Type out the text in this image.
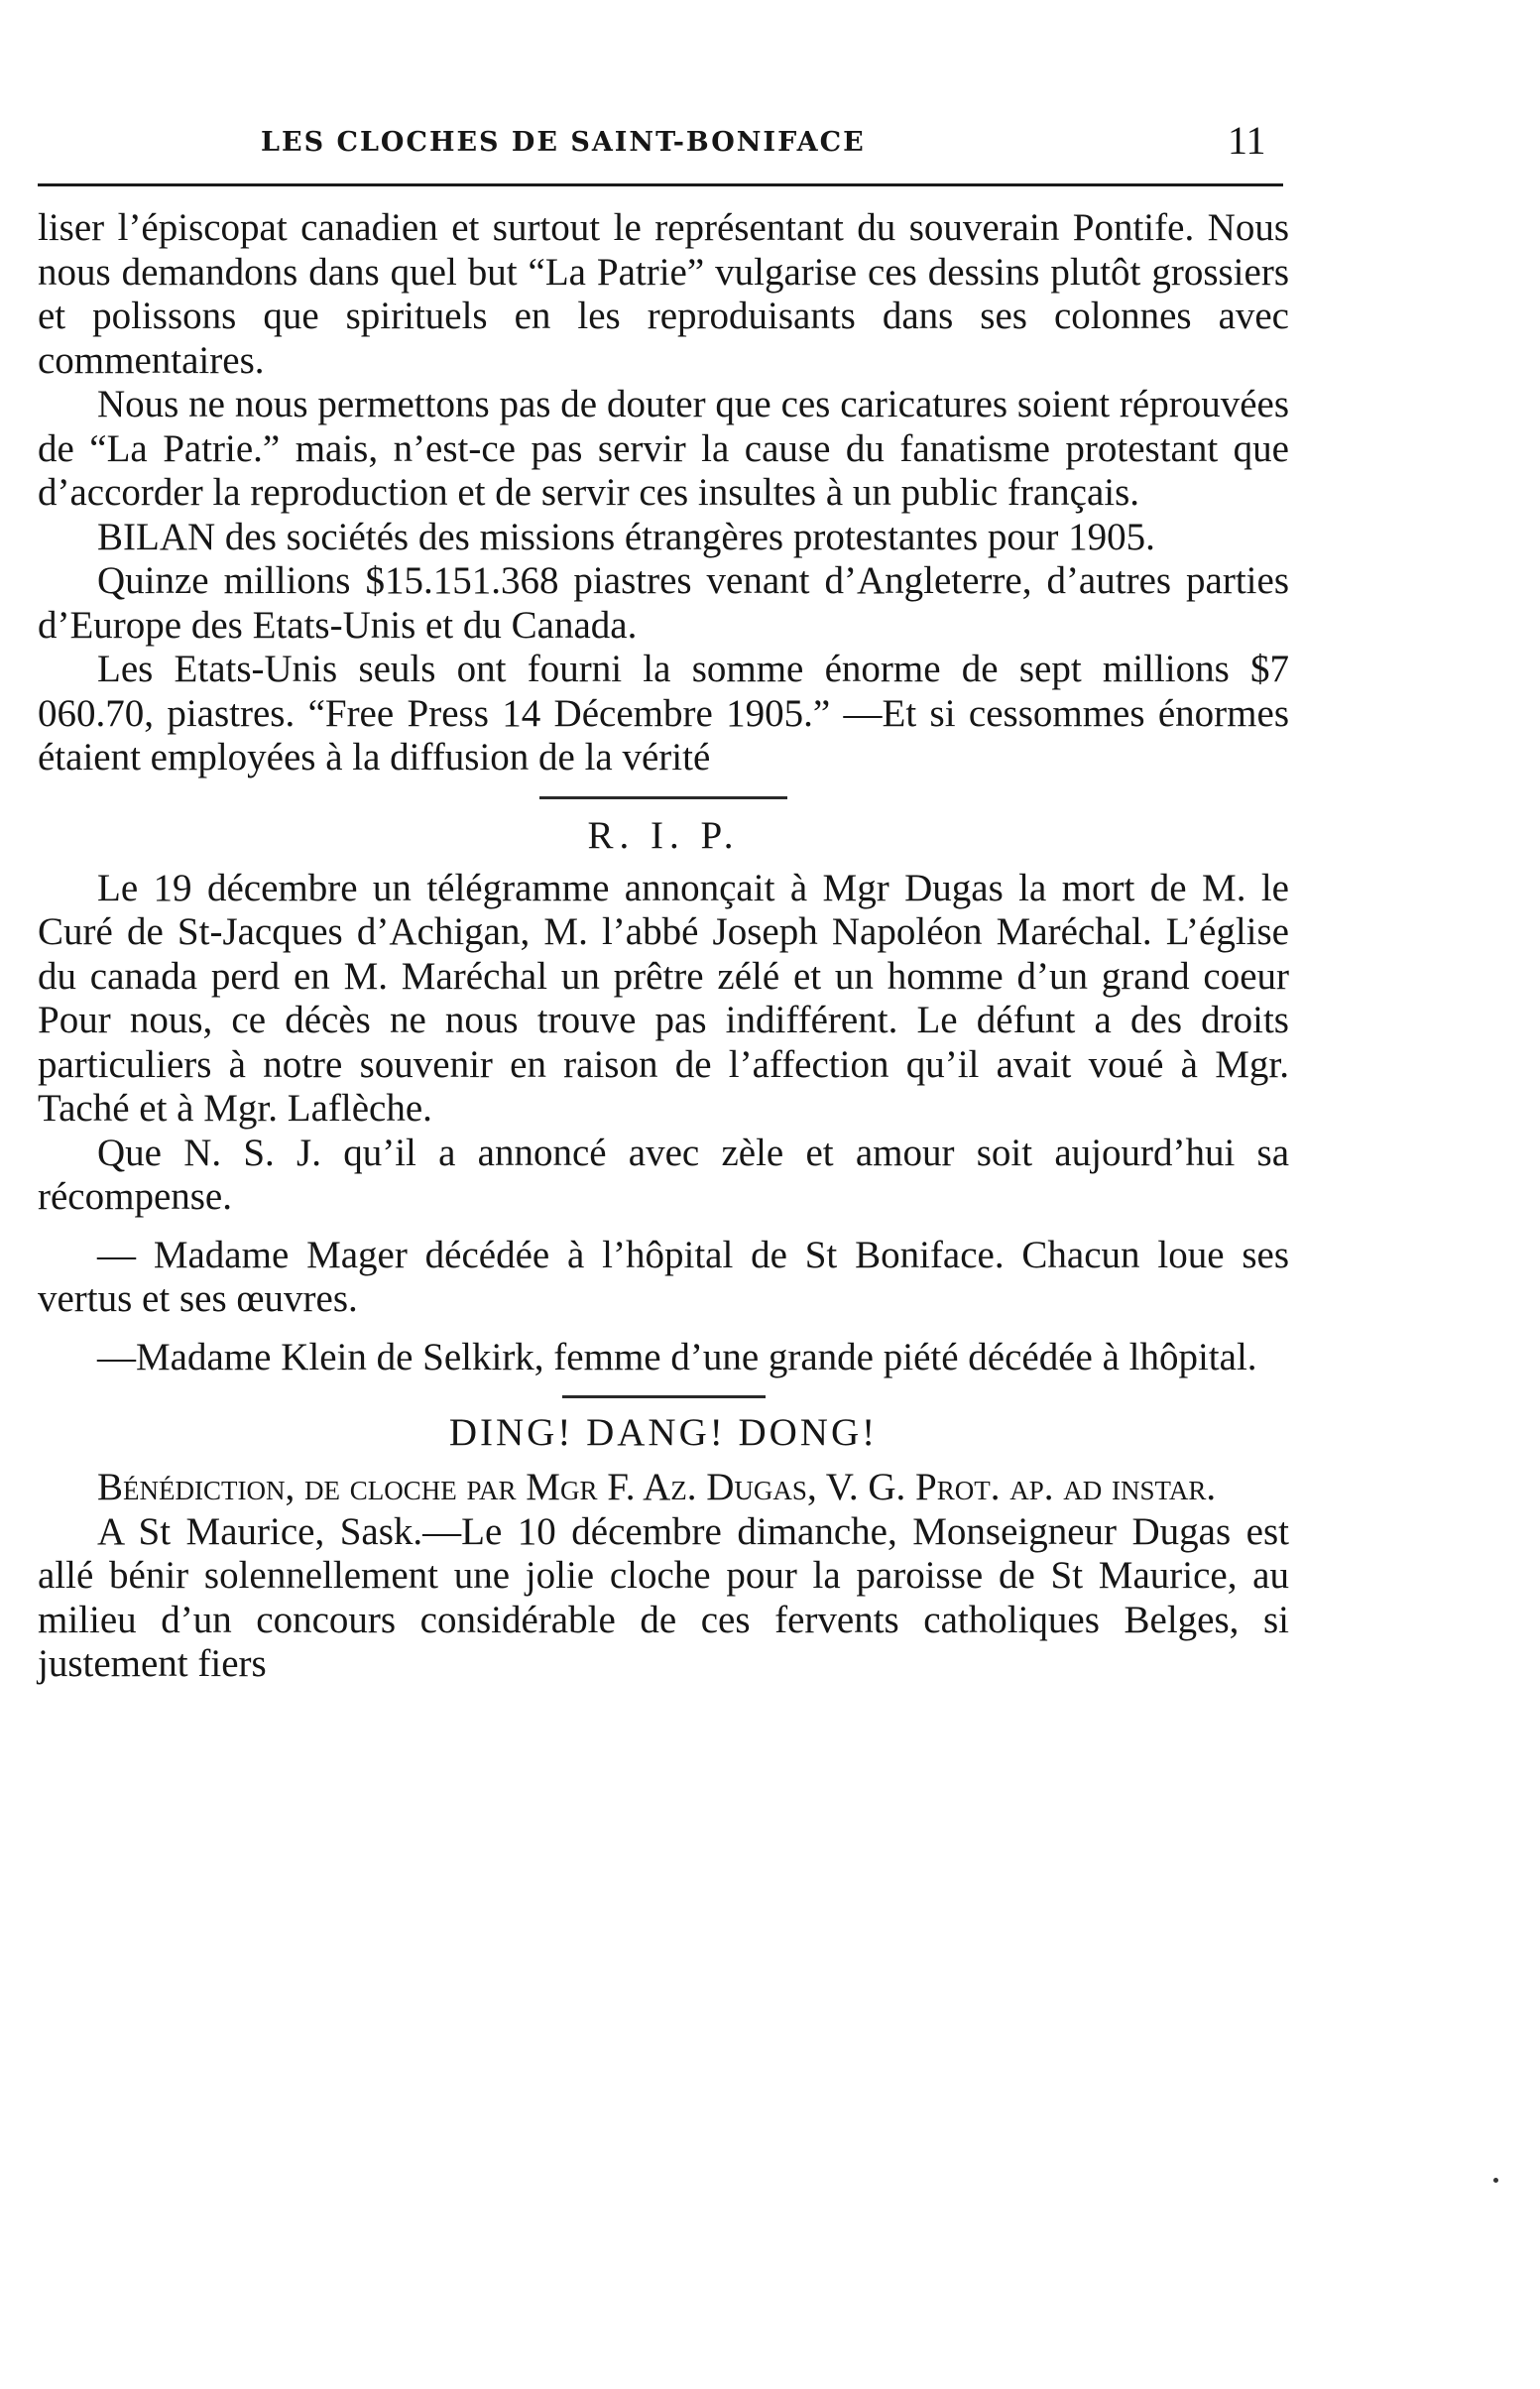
LES CLOCHES DE SAINT-BONIFACE	11

liser l’épiscopat canadien et surtout le représentant du souverain Pontife. Nous nous demandons dans quel but “La Patrie” vulgarise ces dessins plutôt grossiers et polissons que spirituels en les reproduisants dans ses colonnes avec commentaires.

Nous ne nous permettons pas de douter que ces caricatures soient réprouvées de “La Patrie.” mais, n’est-ce pas servir la cause du fanatisme protestant que d’accorder la reproduction et de servir ces insultes à un public français.

BILAN des sociétés des missions étrangères protestantes pour 1905.

Quinze millions $15.151.368 piastres venant d’Angleterre, d’autres parties d’Europe des Etats-Unis et du Canada.

Les Etats-Unis seuls ont fourni la somme énorme de sept millions $7 060.70, piastres. “Free Press 14 Décembre 1905.” —Et si cessommes énormes étaient employées à la diffusion de la vérité

R. I. P.

Le 19 décembre un télégramme annonçait à Mgr Dugas la mort de M. le Curé de St-Jacques d’Achigan, M. l’abbé Joseph Napoléon Maréchal. L’église du canada perd en M. Maréchal un prêtre zélé et un homme d’un grand coeur Pour nous, ce décès ne nous trouve pas indifférent. Le défunt a des droits particuliers à notre souvenir en raison de l’affection qu’il avait voué à Mgr. Taché et à Mgr. Laflèche.

Que N. S. J. qu’il a annoncé avec zèle et amour soit aujourd’hui sa récompense.

— Madame Mager décédée à l’hôpital de St Boniface. Chacun loue ses vertus et ses œuvres.

—Madame Klein de Selkirk, femme d’une grande piété décédée à lhôpital.

DING! DANG! DONG!

Bénédiction, de cloche par Mgr F. Az. Dugas, V. G. Prot. ap. ad instar.

A St Maurice, Sask.—Le 10 décembre dimanche, Monseigneur Dugas est allé bénir solennellement une jolie cloche pour la paroisse de St Maurice, au milieu d’un concours considérable de ces fervents catholiques Belges, si justement fiers
